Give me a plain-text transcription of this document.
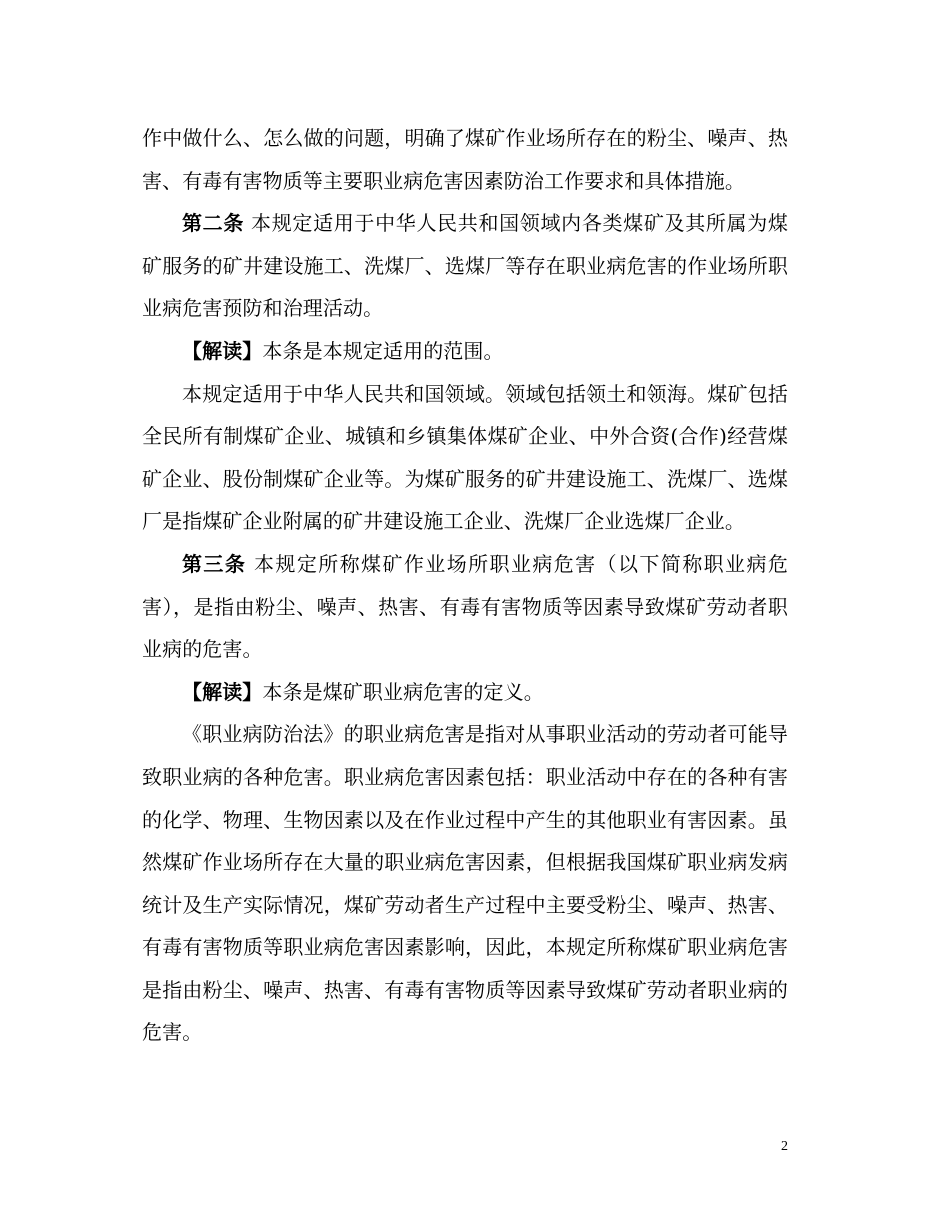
作中做什么、怎么做的问题，明确了煤矿作业场所存在的粉尘、噪声、热害、有毒有害物质等主要职业病危害因素防治工作要求和具体措施。

第二条 本规定适用于中华人民共和国领域内各类煤矿及其所属为煤矿服务的矿井建设施工、洗煤厂、选煤厂等存在职业病危害的作业场所职业病危害预防和治理活动。

【解读】本条是本规定适用的范围。

本规定适用于中华人民共和国领域。领域包括领土和领海。煤矿包括全民所有制煤矿企业、城镇和乡镇集体煤矿企业、中外合资(合作)经营煤矿企业、股份制煤矿企业等。为煤矿服务的矿井建设施工、洗煤厂、选煤厂是指煤矿企业附属的矿井建设施工企业、洗煤厂企业选煤厂企业。

第三条 本规定所称煤矿作业场所职业病危害（以下简称职业病危害），是指由粉尘、噪声、热害、有毒有害物质等因素导致煤矿劳动者职业病的危害。

【解读】本条是煤矿职业病危害的定义。

《职业病防治法》的职业病危害是指对从事职业活动的劳动者可能导致职业病的各种危害。职业病危害因素包括：职业活动中存在的各种有害的化学、物理、生物因素以及在作业过程中产生的其他职业有害因素。虽然煤矿作业场所存在大量的职业病危害因素，但根据我国煤矿职业病发病统计及生产实际情况，煤矿劳动者生产过程中主要受粉尘、噪声、热害、有毒有害物质等职业病危害因素影响，因此，本规定所称煤矿职业病危害是指由粉尘、噪声、热害、有毒有害物质等因素导致煤矿劳动者职业病的危害。

2
